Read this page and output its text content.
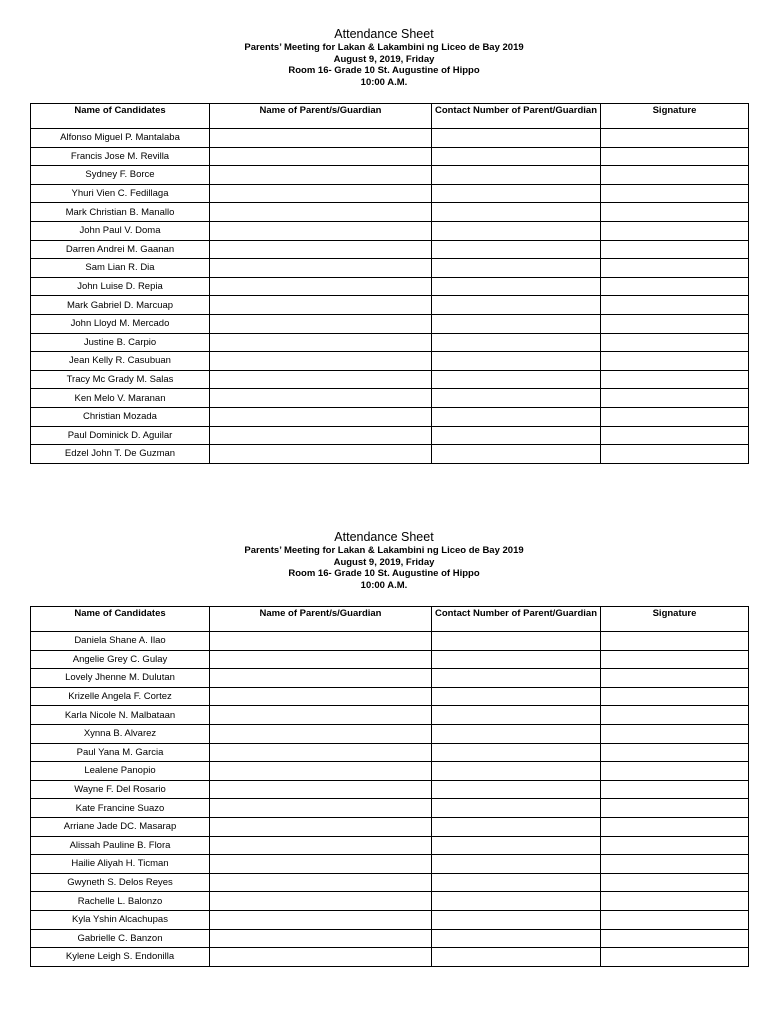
Attendance Sheet
Parents’ Meeting for Lakan & Lakambini ng Liceo de Bay 2019
August 9, 2019, Friday
Room 16- Grade 10 St. Augustine of Hippo
10:00 A.M.
Name of Candidates	Name of Parent/s/Guardian	Contact Number of Parent/Guardian	Signature
Alfonso Miguel P. Mantalaba			
Francis Jose M. Revilla			
Sydney F. Borce			
Yhuri Vien C. Fedillaga			
Mark Christian B. Manallo			
John Paul V. Doma			
Darren Andrei M. Gaanan			
Sam Lian R. Dia			
John Luise D. Repia			
Mark Gabriel D. Marcuap			
John Lloyd M. Mercado			
Justine B. Carpio			
Jean Kelly R. Casubuan			
Tracy Mc Grady M. Salas			
Ken Melo V. Maranan			
Christian Mozada			
Paul Dominick D. Aguilar			
Edzel John T. De Guzman			
Attendance Sheet
Parents’ Meeting for Lakan & Lakambini ng Liceo de Bay 2019
August 9, 2019, Friday
Room 16- Grade 10 St. Augustine of Hippo
10:00 A.M.
Name of Candidates	Name of Parent/s/Guardian	Contact Number of Parent/Guardian	Signature
Daniela Shane A. Ilao			
Angelie Grey C. Gulay			
Lovely Jhenne M. Dulutan			
Krizelle Angela F. Cortez			
Karla Nicole N. Malbataan			
Xynna B. Alvarez			
Paul Yana M. Garcia			
Lealene Panopio			
Wayne F. Del Rosario			
Kate Francine Suazo			
Arriane Jade DC. Masarap			
Alissah Pauline B. Flora			
Hailie Aliyah H. Ticman			
Gwyneth S. Delos Reyes			
Rachelle L. Balonzo			
Kyla Yshin Alcachupas			
Gabrielle C. Banzon			
Kylene Leigh S. Endonilla			
